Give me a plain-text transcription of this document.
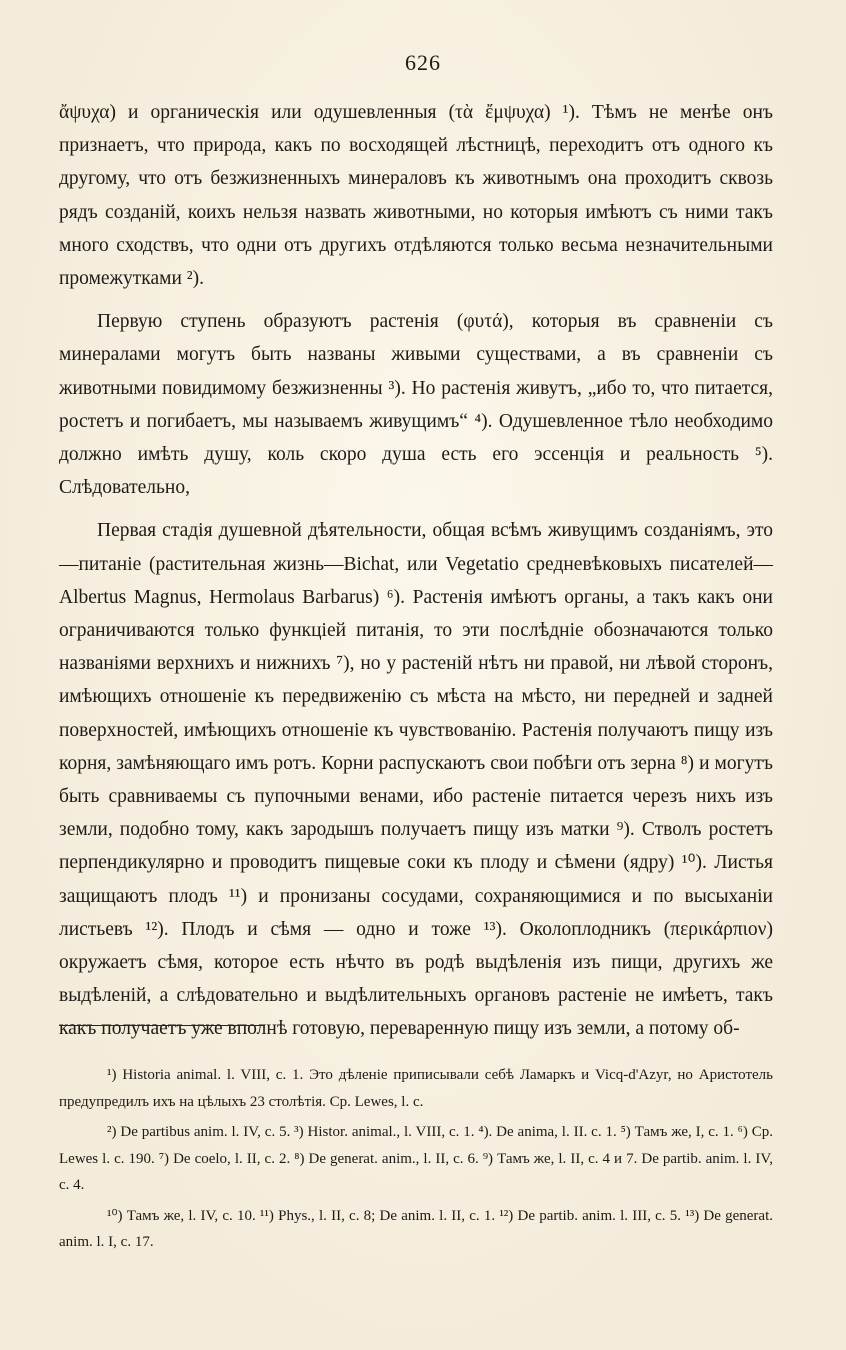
626

ἄψυχα) и органическiя или одушевленныя (τὰ ἔμψυχα) ¹). Тѣмъ не менѣе онъ признаетъ, что природа, какъ по восходящей лѣстницѣ, переходитъ отъ одного къ другому, что отъ безжизненныхъ минераловъ къ животнымъ она проходитъ сквозь рядъ созданiй, коихъ нельзя назвать животными, но которыя имѣютъ съ ними такъ много сходствъ, что одни отъ другихъ отдѣляются только весьма незначительными промежутками ²).

Первую ступень образуютъ растенiя (φυτά), которыя въ сравненiи съ минералами могутъ быть названы живыми существами, а въ сравненiи съ животными повидимому безжизненны ³). Но растенiя живутъ, „ибо то, что питается, ростетъ и погибаетъ, мы называемъ живущимъ“ ⁴). Одушевленное тѣло необходимо должно имѣть душу, коль скоро душа есть его эссенцiя и реальность ⁵). Слѣдовательно,

Первая стадiя душевной дѣятельности, общая всѣмъ живущимъ созданiямъ, это—питанiе (растительная жизнь—Bichat, или Vegetatio средневѣковыхъ писателей—Albertus Magnus, Hermolaus Barbarus) ⁶). Растенiя имѣютъ органы, а такъ какъ они ограничиваются только функцiей питанiя, то эти послѣднiе обозначаются только названiями верхнихъ и нижнихъ ⁷), но у растенiй нѣтъ ни правой, ни лѣвой сторонъ, имѣющихъ отношенiе къ передвиженiю съ мѣста на мѣсто, ни передней и задней поверхностей, имѣющихъ отношенiе къ чувствованiю. Растенiя получаютъ пищу изъ корня, замѣняющаго имъ ротъ. Корни распускаютъ свои побѣги отъ зерна ⁸) и могутъ быть сравниваемы съ пупочными венами, ибо растенiе питается черезъ нихъ изъ земли, подобно тому, какъ зародышъ получаетъ пищу изъ матки ⁹). Стволъ ростетъ перпендикулярно и проводитъ пищевые соки къ плоду и сѣмени (ядру) ¹⁰). Листья защищаютъ плодъ ¹¹) и пронизаны сосудами, сохраняющимися и по высыханiи листьевъ ¹²). Плодъ и сѣмя — одно и тоже ¹³). Околоплодникъ (περικάρπιον) окружаетъ сѣмя, которое есть нѣчто въ родѣ выдѣленiя изъ пищи, другихъ же выдѣленiй, а слѣдовательно и выдѣлительныхъ органовъ растенiе не имѣетъ, такъ какъ получаетъ уже вполнѣ готовую, переваренную пищу изъ земли, а потому об-

¹) Historia animal. l. VIII, c. 1. Это дѣленiе приписывали себѣ Ламаркъ и Vicq-d'Azyr, но Аристотель предупредилъ ихъ на цѣлыхъ 23 столѣтiя. Ср. Lewes, l. c.

²) De partibus anim. l. IV, c. 5. ³) Histor. animal., l. VIII, c. 1. ⁴). De anima, l. II. c. 1. ⁵) Тамъ же, I, c. 1. ⁶) Ср. Lewes l. c. 190. ⁷) De coelo, l. II, c. 2. ⁸) De generat. anim., l. II, c. 6. ⁹) Тамъ же, l. II, c. 4 и 7. De partib. anim. l. IV, c. 4.

¹⁰) Тамъ же, l. IV, c. 10. ¹¹) Phys., l. II, c. 8; De anim. l. II, c. 1. ¹²) De partib. anim. l. III, c. 5. ¹³) De generat. anim. l. I, c. 17.
